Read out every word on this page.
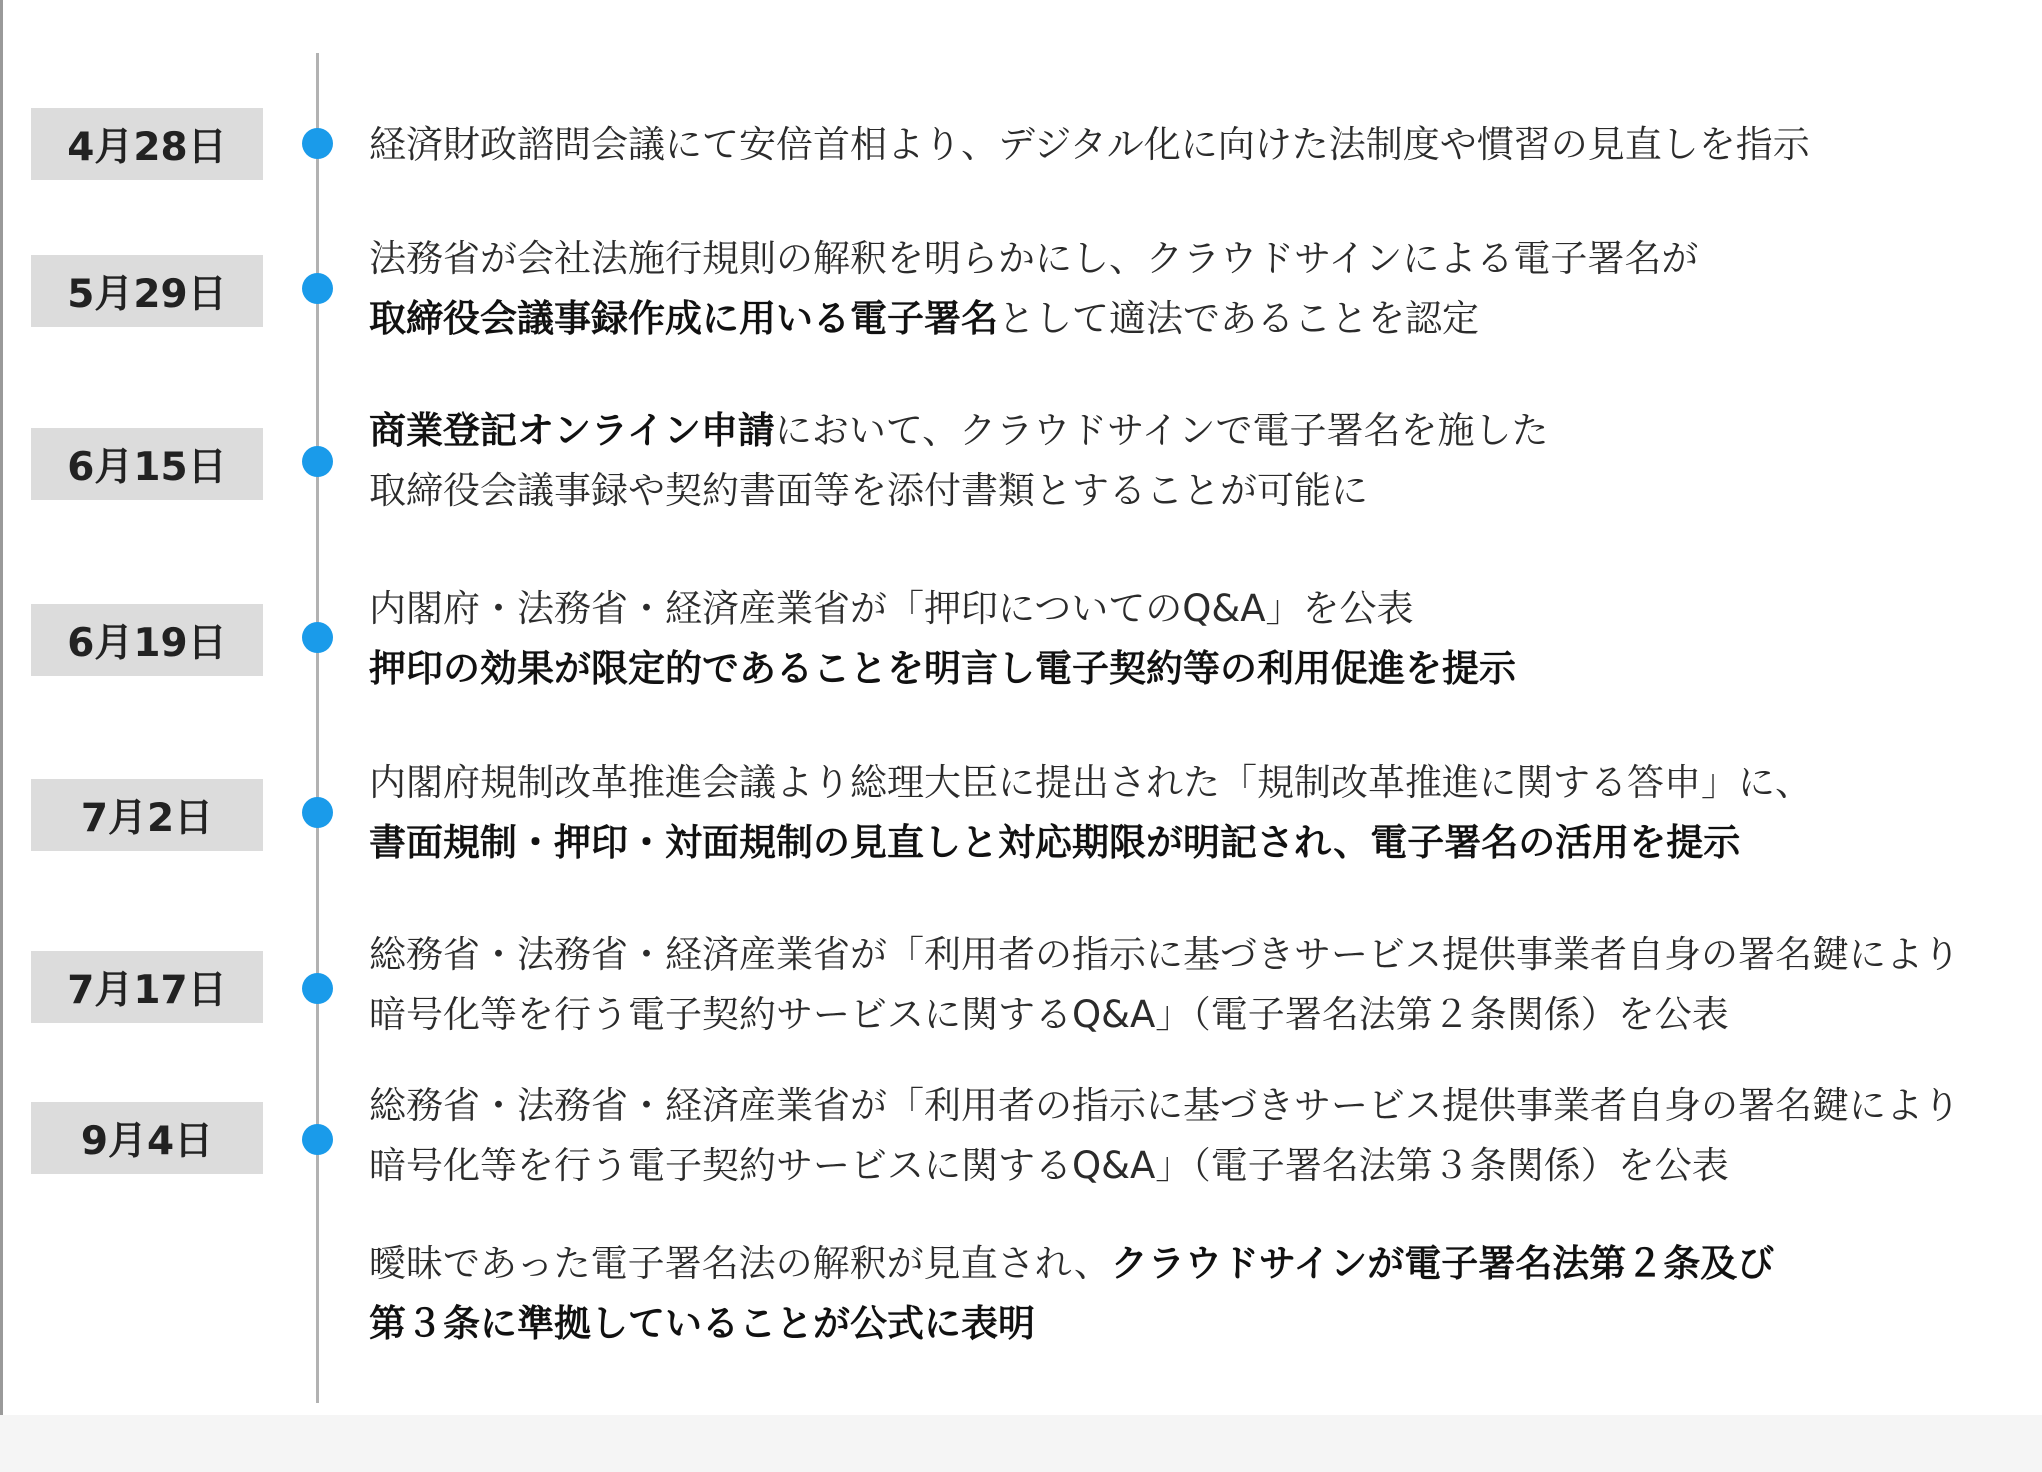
4月28日	経済財政諮問会議にて安倍首相より、デジタル化に向けた法制度や慣習の見直しを指示
5月29日
法務省が会社法施行規則の解釈を明らかにし、クラウドサインによる電子署名が
取締役会議事録作成に用いる電子署名として適法であることを認定
6月15日
商業登記オンライン申請において、クラウドサインで電子署名を施した
取締役会議事録や契約書面等を添付書類とすることが可能に
6月19日
内閣府・法務省・経済産業省が「押印についてのQ&A」を公表
押印の効果が限定的であることを明言し電子契約等の利用促進を提示
7月2日
内閣府規制改革推進会議より総理大臣に提出された「規制改革推進に関する答申」に、
書面規制・押印・対面規制の見直しと対応期限が明記され、電子署名の活用を提示
7月17日
総務省・法務省・経済産業省が「利用者の指示に基づきサービス提供事業者自身の署名鍵により
暗号化等を行う電子契約サービスに関するQ&A」（電子署名法第２条関係）を公表
9月4日
総務省・法務省・経済産業省が「利用者の指示に基づきサービス提供事業者自身の署名鍵により
暗号化等を行う電子契約サービスに関するQ&A」（電子署名法第３条関係）を公表
曖昧であった電子署名法の解釈が見直され、クラウドサインが電子署名法第２条及び
第３条に準拠していることが公式に表明
